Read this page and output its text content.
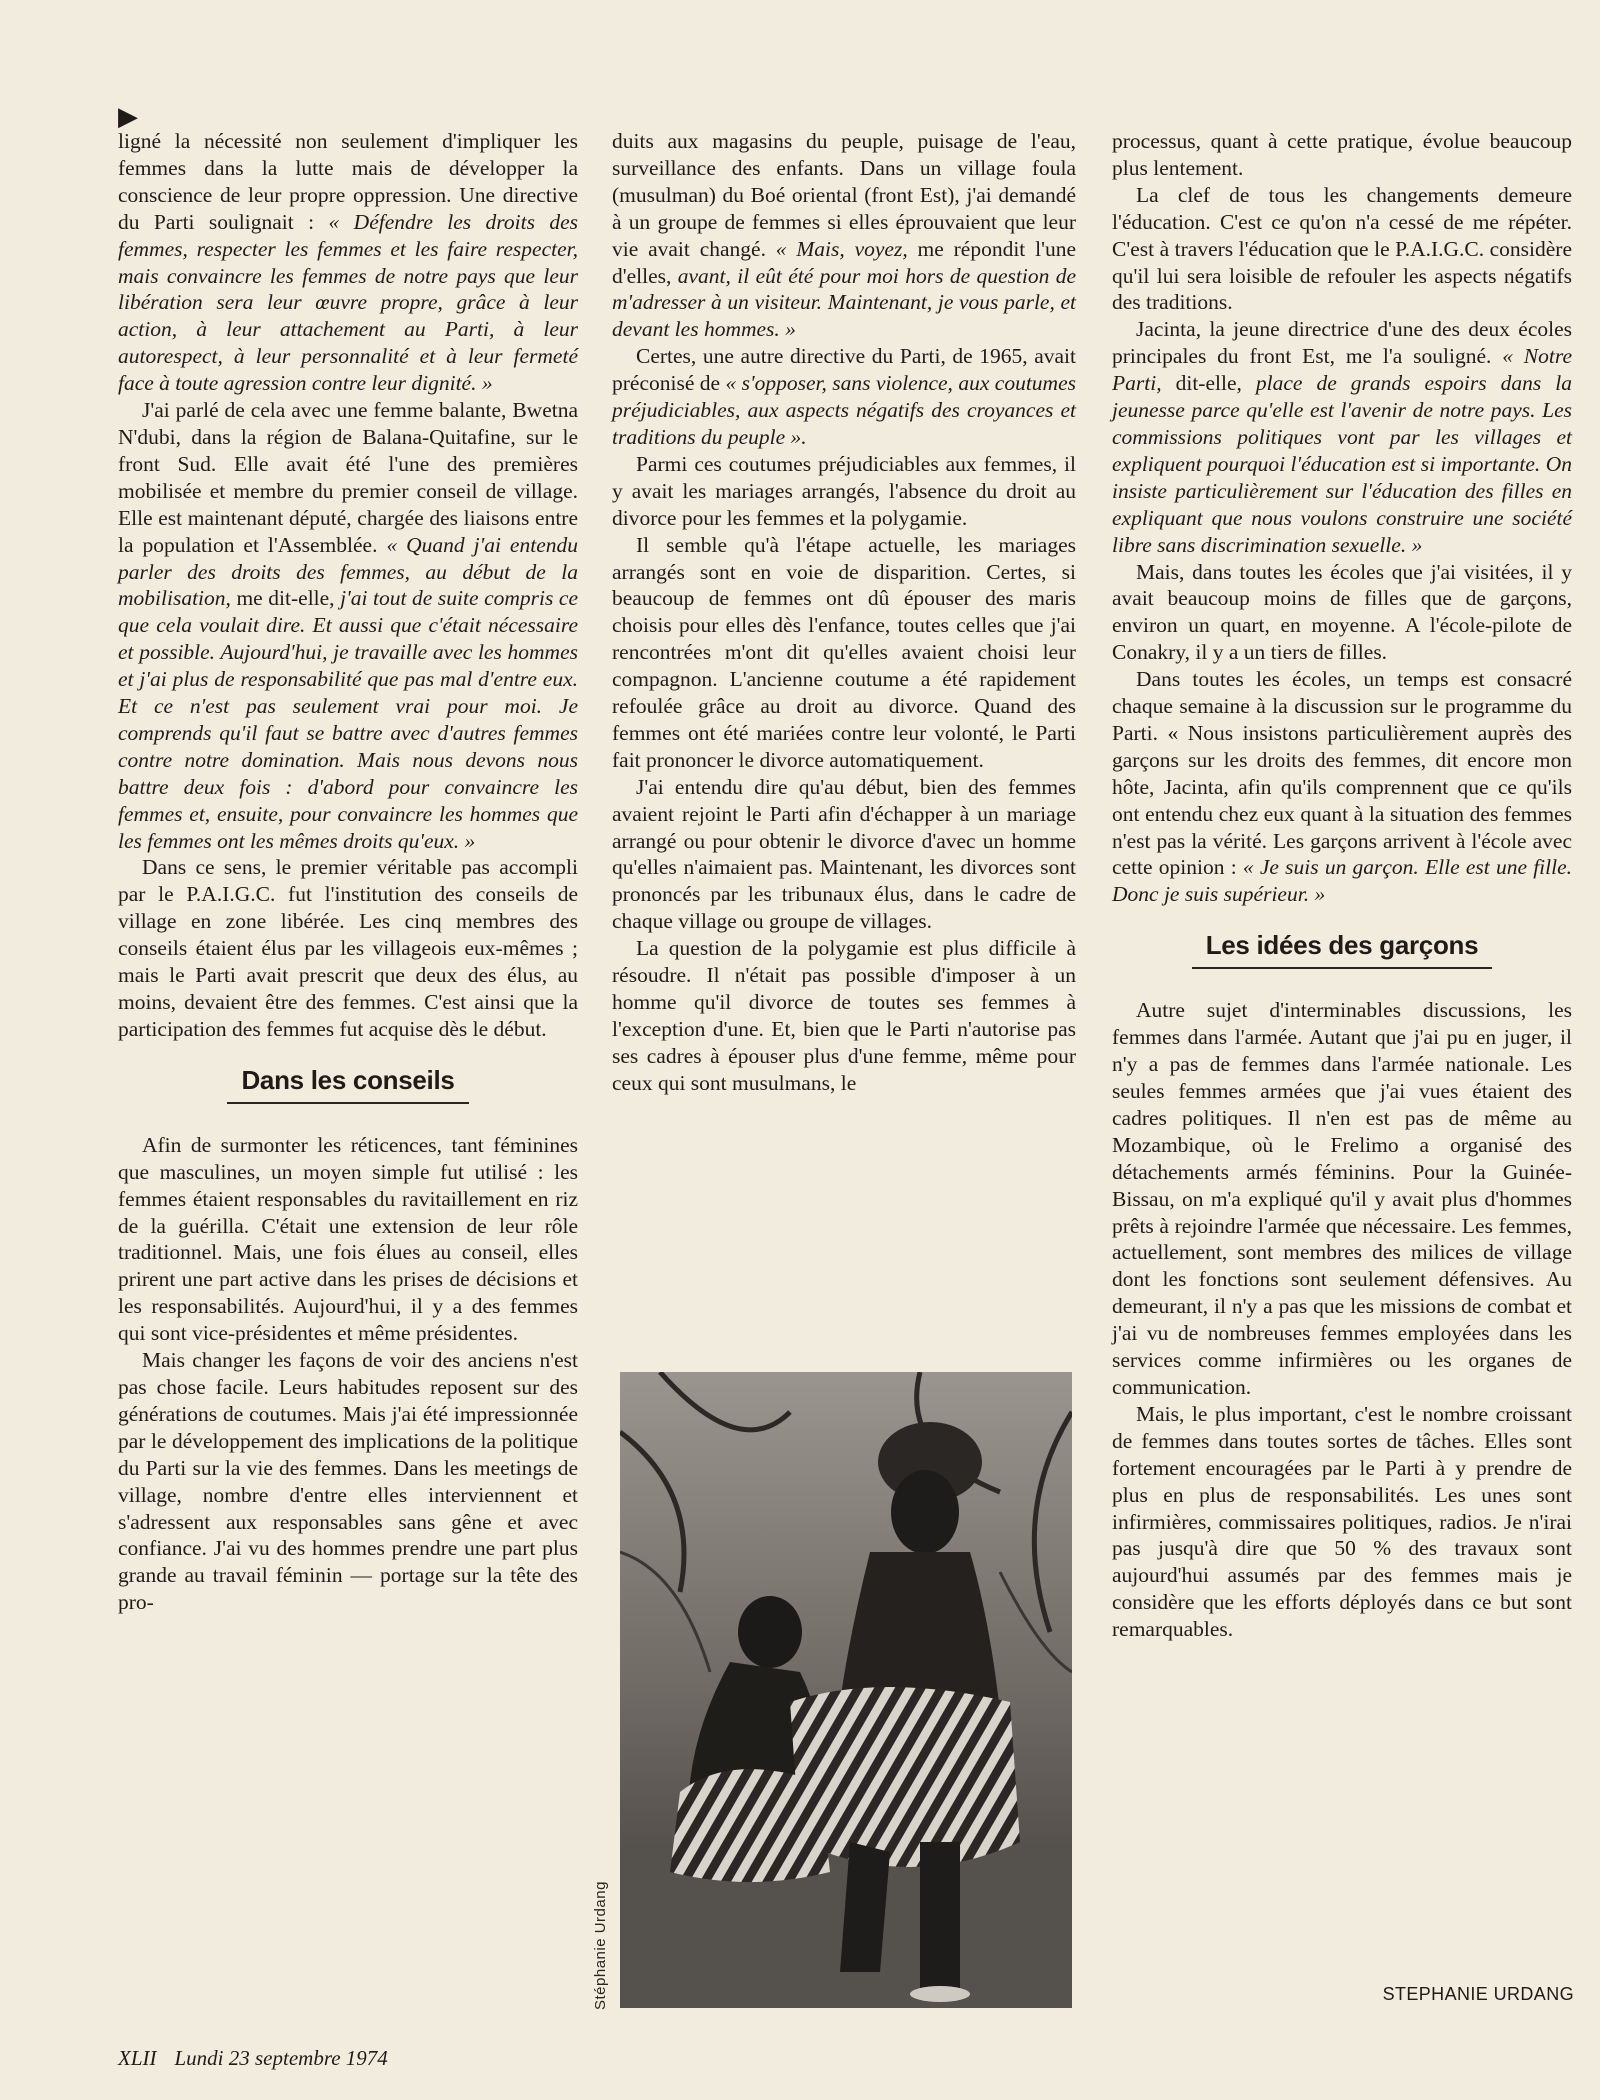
▶

ligné la nécessité non seulement d'impliquer les femmes dans la lutte mais de développer la conscience de leur propre oppression. Une directive du Parti soulignait : « Défendre les droits des femmes, respecter les femmes et les faire respecter, mais convaincre les femmes de notre pays que leur libération sera leur œuvre propre, grâce à leur action, à leur attachement au Parti, à leur autorespect, à leur personnalité et à leur fermeté face à toute agression contre leur dignité. »

J'ai parlé de cela avec une femme balante, Bwetna N'dubi, dans la région de Balana-Quitafine, sur le front Sud. Elle avait été l'une des premières mobilisée et membre du premier conseil de village. Elle est maintenant député, chargée des liaisons entre la population et l'Assemblée. « Quand j'ai entendu parler des droits des femmes, au début de la mobilisation, me dit-elle, j'ai tout de suite compris ce que cela voulait dire. Et aussi que c'était nécessaire et possible. Aujourd'hui, je travaille avec les hommes et j'ai plus de responsabilité que pas mal d'entre eux. Et ce n'est pas seulement vrai pour moi. Je comprends qu'il faut se battre avec d'autres femmes contre notre domination. Mais nous devons nous battre deux fois : d'abord pour convaincre les femmes et, ensuite, pour convaincre les hommes que les femmes ont les mêmes droits qu'eux. »

Dans ce sens, le premier véritable pas accompli par le P.A.I.G.C. fut l'institution des conseils de village en zone libérée. Les cinq membres des conseils étaient élus par les villageois eux-mêmes ; mais le Parti avait prescrit que deux des élus, au moins, devaient être des femmes. C'est ainsi que la participation des femmes fut acquise dès le début.

Dans les conseils

Afin de surmonter les réticences, tant féminines que masculines, un moyen simple fut utilisé : les femmes étaient responsables du ravitaillement en riz de la guérilla. C'était une extension de leur rôle traditionnel. Mais, une fois élues au conseil, elles prirent une part active dans les prises de décisions et les responsabilités. Aujourd'hui, il y a des femmes qui sont vice-présidentes et même présidentes.

Mais changer les façons de voir des anciens n'est pas chose facile. Leurs habitudes reposent sur des générations de coutumes. Mais j'ai été impressionnée par le développement des implications de la politique du Parti sur la vie des femmes. Dans les meetings de village, nombre d'entre elles interviennent et s'adressent aux responsables sans gêne et avec confiance. J'ai vu des hommes prendre une part plus grande au travail féminin — portage sur la tête des pro-

duits aux magasins du peuple, puisage de l'eau, surveillance des enfants. Dans un village foula (musulman) du Boé oriental (front Est), j'ai demandé à un groupe de femmes si elles éprouvaient que leur vie avait changé. « Mais, voyez, me répondit l'une d'elles, avant, il eût été pour moi hors de question de m'adresser à un visiteur. Maintenant, je vous parle, et devant les hommes. »

Certes, une autre directive du Parti, de 1965, avait préconisé de « s'opposer, sans violence, aux coutumes préjudiciables, aux aspects négatifs des croyances et traditions du peuple ».

Parmi ces coutumes préjudiciables aux femmes, il y avait les mariages arrangés, l'absence du droit au divorce pour les femmes et la polygamie.

Il semble qu'à l'étape actuelle, les mariages arrangés sont en voie de disparition. Certes, si beaucoup de femmes ont dû épouser des maris choisis pour elles dès l'enfance, toutes celles que j'ai rencontrées m'ont dit qu'elles avaient choisi leur compagnon. L'ancienne coutume a été rapidement refoulée grâce au droit au divorce. Quand des femmes ont été mariées contre leur volonté, le Parti fait prononcer le divorce automatiquement.

J'ai entendu dire qu'au début, bien des femmes avaient rejoint le Parti afin d'échapper à un mariage arrangé ou pour obtenir le divorce d'avec un homme qu'elles n'aimaient pas. Maintenant, les divorces sont prononcés par les tribunaux élus, dans le cadre de chaque village ou groupe de villages.

La question de la polygamie est plus difficile à résoudre. Il n'était pas possible d'imposer à un homme qu'il divorce de toutes ses femmes à l'exception d'une. Et, bien que le Parti n'autorise pas ses cadres à épouser plus d'une femme, même pour ceux qui sont musulmans, le

Stéphanie Urdang

processus, quant à cette pratique, évolue beaucoup plus lentement.

La clef de tous les changements demeure l'éducation. C'est ce qu'on n'a cessé de me répéter. C'est à travers l'éducation que le P.A.I.G.C. considère qu'il lui sera loisible de refouler les aspects négatifs des traditions.

Jacinta, la jeune directrice d'une des deux écoles principales du front Est, me l'a souligné. « Notre Parti, dit-elle, place de grands espoirs dans la jeunesse parce qu'elle est l'avenir de notre pays. Les commissions politiques vont par les villages et expliquent pourquoi l'éducation est si importante. On insiste particulièrement sur l'éducation des filles en expliquant que nous voulons construire une société libre sans discrimination sexuelle. »

Mais, dans toutes les écoles que j'ai visitées, il y avait beaucoup moins de filles que de garçons, environ un quart, en moyenne. A l'école-pilote de Conakry, il y a un tiers de filles.

Dans toutes les écoles, un temps est consacré chaque semaine à la discussion sur le programme du Parti. « Nous insistons particulièrement auprès des garçons sur les droits des femmes, dit encore mon hôte, Jacinta, afin qu'ils comprennent que ce qu'ils ont entendu chez eux quant à la situation des femmes n'est pas la vérité. Les garçons arrivent à l'école avec cette opinion : « Je suis un garçon. Elle est une fille. Donc je suis supérieur. »

Les idées des garçons

Autre sujet d'interminables discussions, les femmes dans l'armée. Autant que j'ai pu en juger, il n'y a pas de femmes dans l'armée nationale. Les seules femmes armées que j'ai vues étaient des cadres politiques. Il n'en est pas de même au Mozambique, où le Frelimo a organisé des détachements armés féminins. Pour la Guinée-Bissau, on m'a expliqué qu'il y avait plus d'hommes prêts à rejoindre l'armée que nécessaire. Les femmes, actuellement, sont membres des milices de village dont les fonctions sont seulement défensives. Au demeurant, il n'y a pas que les missions de combat et j'ai vu de nombreuses femmes employées dans les services comme infirmières ou les organes de communication.

Mais, le plus important, c'est le nombre croissant de femmes dans toutes sortes de tâches. Elles sont fortement encouragées par le Parti à y prendre de plus en plus de responsabilités. Les unes sont infirmières, commissaires politiques, radios. Je n'irai pas jusqu'à dire que 50 % des travaux sont aujourd'hui assumés par des femmes mais je considère que les efforts déployés dans ce but sont remarquables.

STEPHANIE URDANG
XLII Lundi 23 septembre 1974
